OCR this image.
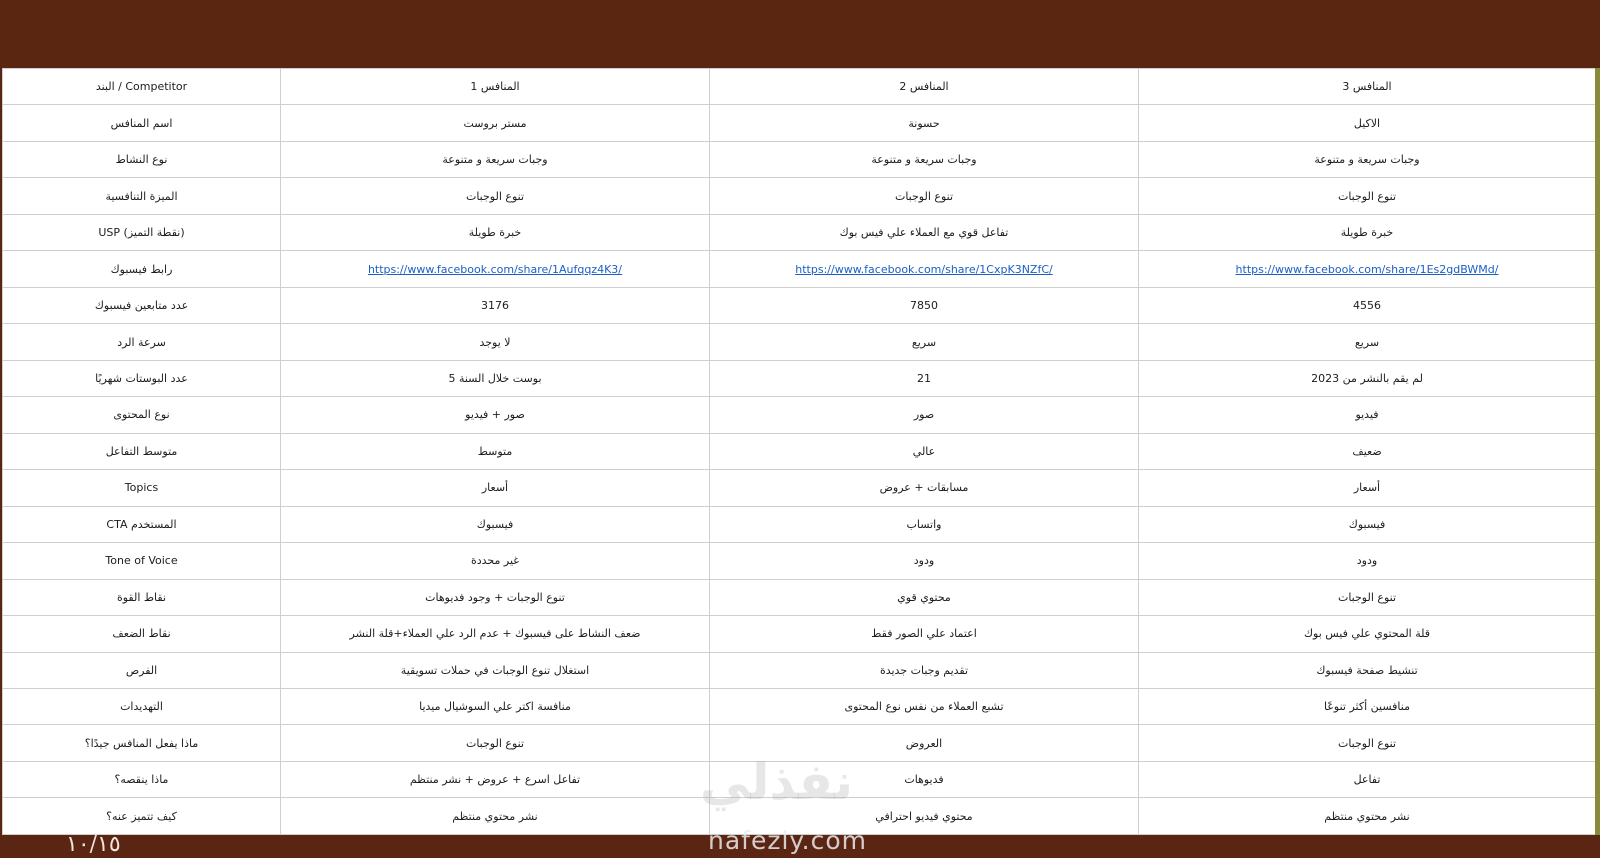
البند / Competitor	المنافس 1	المنافس 2	المنافس 3
اسم المنافس	مستر بروست	حسونة	الاكيل
نوع النشاط	وجبات سريعة و متنوعة	وجبات سريعة و متنوعة	وجبات سريعة و متنوعة
الميزة التنافسية	تنوع الوجبات	تنوع الوجبات	تنوع الوجبات
USP (نقطة التميز)	خبرة طويلة	تفاعل قوي مع العملاء علي فيس بوك	خبرة طويلة
رابط فيسبوك	https://www.facebook.com/share/1Aufqqz4K3/	https://www.facebook.com/share/1CxpK3NZfC/	https://www.facebook.com/share/1Es2gdBWMd/
عدد متابعين فيسبوك	3176	7850	4556
سرعة الرد	لا يوجد	سريع	سريع
عدد البوستات شهريًا	5 بوست خلال السنة	21	لم يقم بالنشر من 2023
نوع المحتوى	صور + فيديو	صور	فيديو
متوسط التفاعل	متوسط	عالي	ضعيف
Topics	أسعار	مسابقات + عروض	أسعار
CTA المستخدم	فيسبوك	واتساب	فيسبوك
Tone of Voice	غير محددة	ودود	ودود
نقاط القوة	تنوع الوجبات + وجود فديوهات	محتوي قوي	تنوع الوجبات
نقاط الضعف	ضعف النشاط على فيسبوك + عدم الرد علي العملاء+قلة النشر	اعتماد علي الصور فقط	قلة المحتوي علي فيس بوك
الفرص	استغلال تنوع الوجبات في حملات تسويقية	تقديم وجبات جديدة	تنشيط صفحة فيسبوك
التهديدات	منافسة اكتر علي السوشيال ميديا	تشبع العملاء من نفس نوع المحتوى	منافسين أكثر تنوعًا
ماذا يفعل المنافس جيدًا؟	تنوع الوجبات	العروض	تنوع الوجبات
ماذا ينقصه؟	تفاعل اسرع + عروض + نشر منتظم	فديوهات	تفاعل
كيف تتميز عنه؟	نشر محتوي منتظم	محتوي فيديو احترافي	نشر محتوي منتظم
١٠/١٥
نفذلي
nafezly.com
